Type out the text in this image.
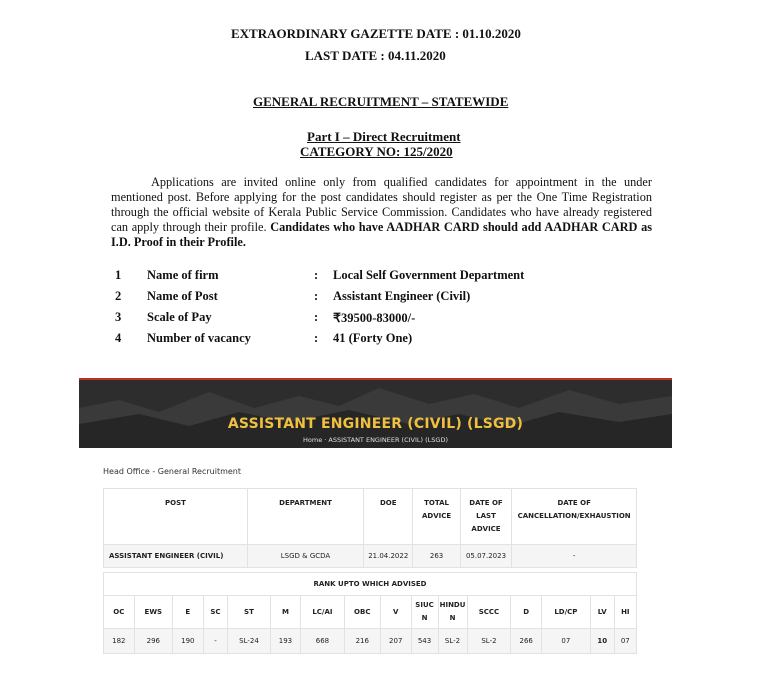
EXTRAORDINARY GAZETTE DATE : 01.10.2020
LAST DATE : 04.11.2020
GENERAL RECRUITMENT – STATEWIDE
Part I – Direct Recruitment
CATEGORY NO: 125/2020
Applications are invited online only from qualified candidates for appointment in the under mentioned post. Before applying for the post candidates should register as per the One Time Registration through the official website of Kerala Public Service Commission. Candidates who have already registered can apply through their profile. Candidates who have AADHAR CARD should add AADHAR CARD as I.D. Proof in their Profile.
1 Name of firm	: Local Self Government Department
2 Name of Post	: Assistant Engineer (Civil)
3 Scale of Pay	: ₹39500-83000/-
4 Number of vacancy	: 41 (Forty One)
ASSISTANT ENGINEER (CIVIL) (LSGD)
Home · ASSISTANT ENGINEER (CIVIL) (LSGD)
Head Office - General Recruitment
POST	DEPARTMENT	DOE	TOTAL ADVICE	DATE OF LAST ADVICE	DATE OF CANCELLATION/EXHAUSTION
ASSISTANT ENGINEER (CIVIL)	LSGD & GCDA	21.04.2022	263	05.07.2023	-
RANK UPTO WHICH ADVISED															
OC	EWS	E	SC	ST	M	LC/AI	OBC	V	SIUCN	HINDUN	SCCC	D	LD/CP	LV	HI
182	296	190	-	SL-24	193	668	216	207	543	SL-2	SL-2	266	07	10	07
